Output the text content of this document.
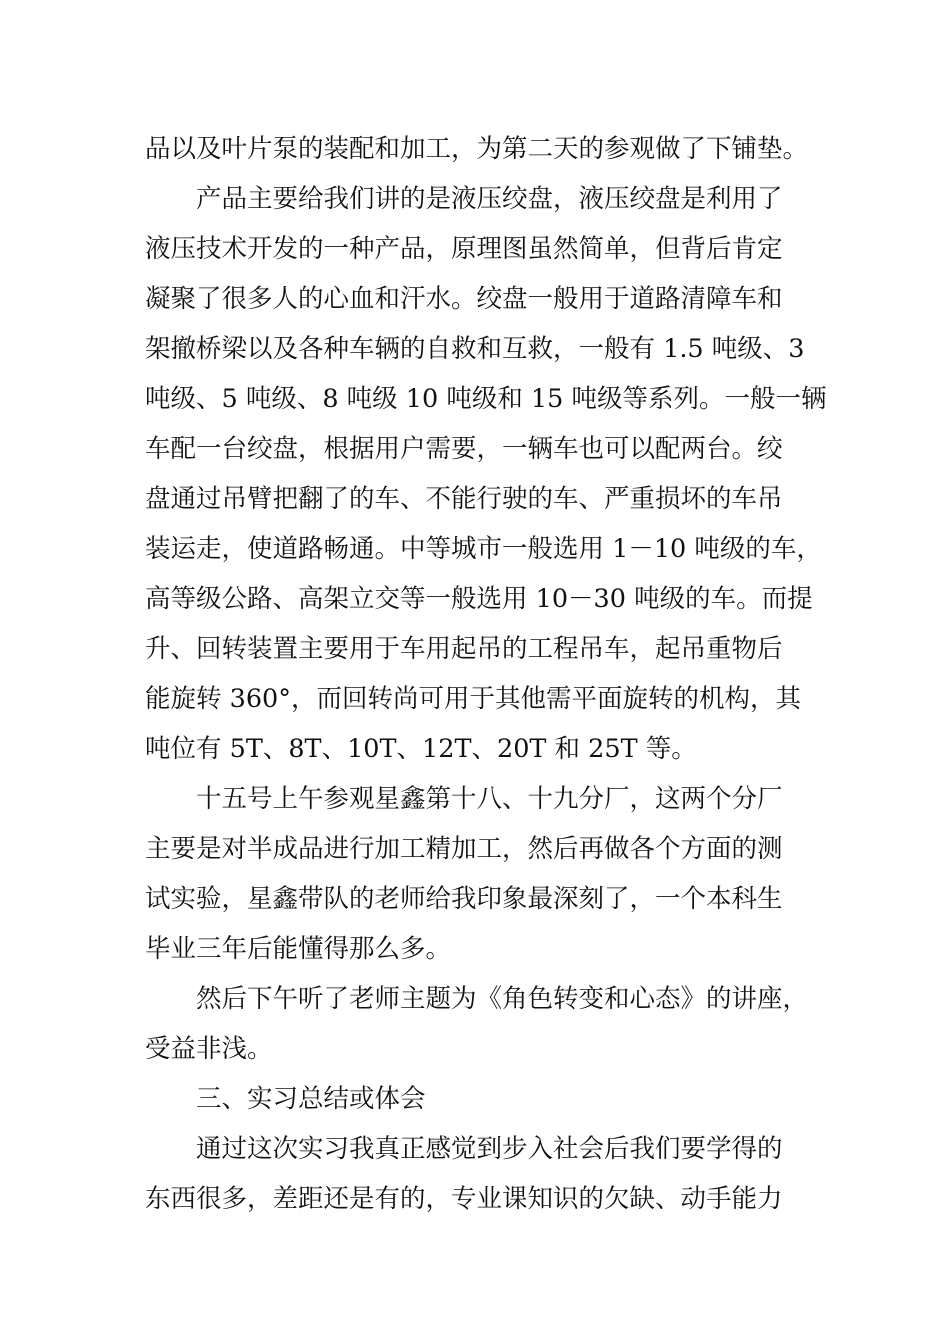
品以及叶片泵的装配和加工，为第二天的参观做了下铺垫。
　　产品主要给我们讲的是液压绞盘，液压绞盘是利用了
液压技术开发的一种产品，原理图虽然简单，但背后肯定
凝聚了很多人的心血和汗水。绞盘一般用于道路清障车和
架撤桥梁以及各种车辆的自救和互救，一般有 1.5 吨级、3
吨级、5 吨级、8 吨级 10 吨级和 15 吨级等系列。一般一辆
车配一台绞盘，根据用户需要，一辆车也可以配两台。绞
盘通过吊臂把翻了的车、不能行驶的车、严重损坏的车吊
装运走，使道路畅通。中等城市一般选用 1－10 吨级的车，
高等级公路、高架立交等一般选用 10－30 吨级的车。而提
升、回转装置主要用于车用起吊的工程吊车，起吊重物后
能旋转 360°，而回转尚可用于其他需平面旋转的机构，其
吨位有 5T、8T、10T、12T、20T 和 25T 等。
　　十五号上午参观星鑫第十八、十九分厂，这两个分厂
主要是对半成品进行加工精加工，然后再做各个方面的测
试实验，星鑫带队的老师给我印象最深刻了，一个本科生
毕业三年后能懂得那么多。
　　然后下午听了老师主题为《角色转变和心态》的讲座，
受益非浅。
　　三、实习总结或体会
　　通过这次实习我真正感觉到步入社会后我们要学得的
东西很多，差距还是有的，专业课知识的欠缺、动手能力
